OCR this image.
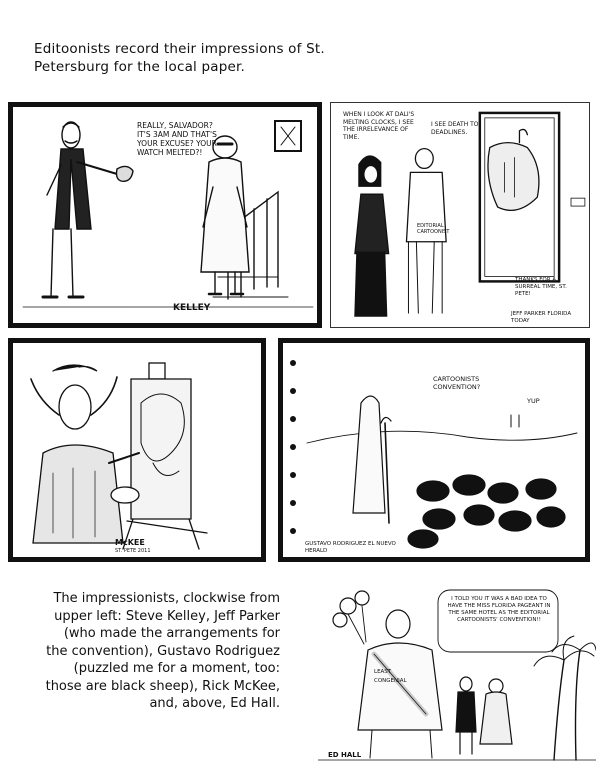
Editoonists record their impressions of St. Petersburg for the local paper.
REALLY, SALVADOR? IT'S 3AM AND THAT'S YOUR EXCUSE? YOUR WATCH MELTED?!
KELLEY
WHEN I LOOK AT DALI'S MELTING CLOCKS, I SEE THE IRRELEVANCE OF TIME.
I SEE DEATH TO DEADLINES.
EDITORIAL CARTOONIST
THANKS FOR A SURREAL TIME, ST. PETE!
JEFF PARKER FLORIDA TODAY
McKEE
ST. PETE 2011
CARTOONISTS CONVENTION?
YUP
GUSTAVO RODRIGUEZ EL NUEVO HERALD
The impressionists, clockwise from upper left: Steve Kelley, Jeff Parker (who made the arrangements for the convention), Gustavo Rodriguez (puzzled me for a moment, too: those are black sheep), Rick McKee, and, above, Ed Hall.
I TOLD YOU IT WAS A BAD IDEA TO HAVE THE MISS FLORIDA PAGEANT IN THE SAME HOTEL AS THE EDITORIAL CARTOONISTS' CONVENTION!!
LEAST CONGENIAL
ED HALL
